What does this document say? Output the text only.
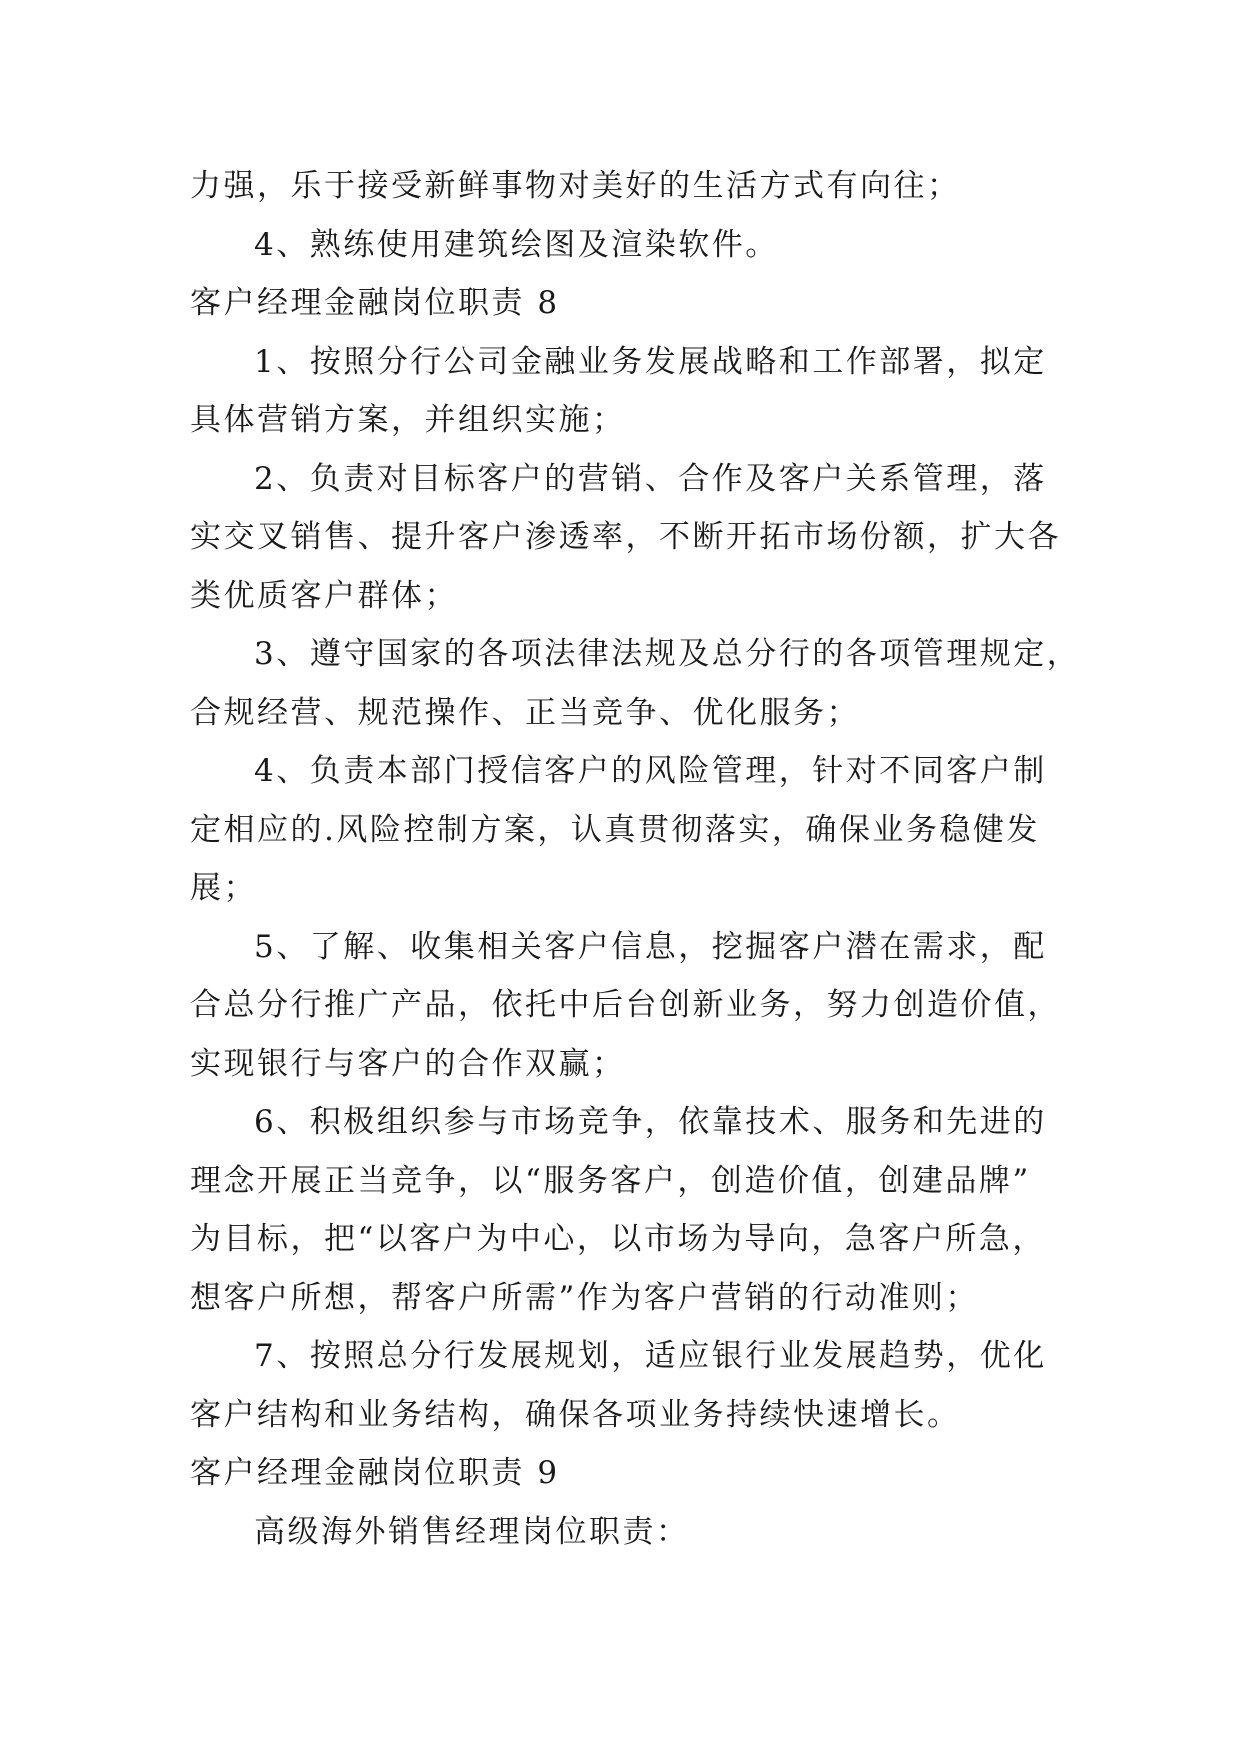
力强，乐于接受新鲜事物对美好的生活方式有向往；
4、熟练使用建筑绘图及渲染软件。
客户经理金融岗位职责 8
1、按照分行公司金融业务发展战略和工作部署，拟定
具体营销方案，并组织实施；
2、负责对目标客户的营销、合作及客户关系管理，落
实交叉销售、提升客户渗透率，不断开拓市场份额，扩大各
类优质客户群体；
3、遵守国家的各项法律法规及总分行的各项管理规定，
合规经营、规范操作、正当竞争、优化服务；
4、负责本部门授信客户的风险管理，针对不同客户制
定相应的.风险控制方案，认真贯彻落实，确保业务稳健发
展；
5、了解、收集相关客户信息，挖掘客户潜在需求，配
合总分行推广产品，依托中后台创新业务，努力创造价值，
实现银行与客户的合作双赢；
6、积极组织参与市场竞争，依靠技术、服务和先进的
理念开展正当竞争，以“服务客户，创造价值，创建品牌”
为目标，把“以客户为中心，以市场为导向，急客户所急，
想客户所想，帮客户所需”作为客户营销的行动准则；
7、按照总分行发展规划，适应银行业发展趋势，优化
客户结构和业务结构，确保各项业务持续快速增长。
客户经理金融岗位职责 9
高级海外销售经理岗位职责：
